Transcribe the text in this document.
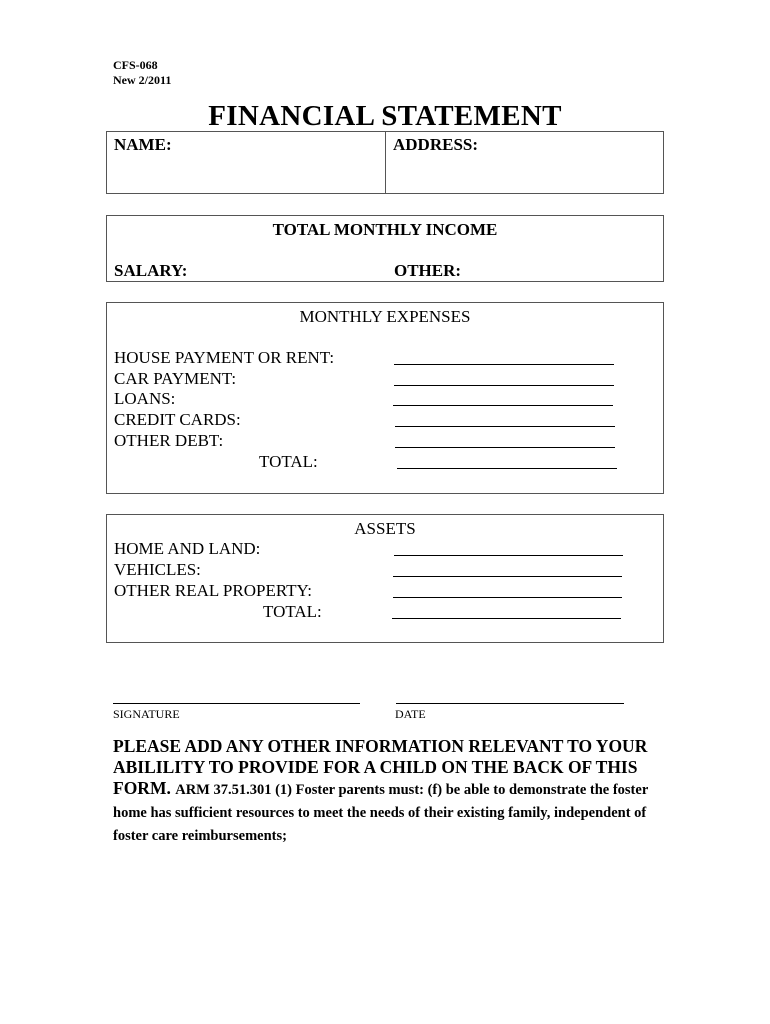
CFS-068
New 2/2011
FINANCIAL STATEMENT
NAME:	ADDRESS:
TOTAL MONTHLY INCOME
SALARY:	OTHER:
MONTHLY EXPENSES
HOUSE PAYMENT OR RENT:
CAR PAYMENT:
LOANS:
CREDIT CARDS:
OTHER DEBT:
TOTAL:
ASSETS
HOME AND LAND:
VEHICLES:
OTHER REAL PROPERTY:
TOTAL:
SIGNATURE	DATE
PLEASE ADD ANY OTHER INFORMATION RELEVANT TO YOUR ABILILITY TO PROVIDE FOR A CHILD ON THE BACK OF THIS FORM. ARM 37.51.301 (1) Foster parents must: (f) be able to demonstrate the foster home has sufficient resources to meet the needs of their existing family, independent of foster care reimbursements;
